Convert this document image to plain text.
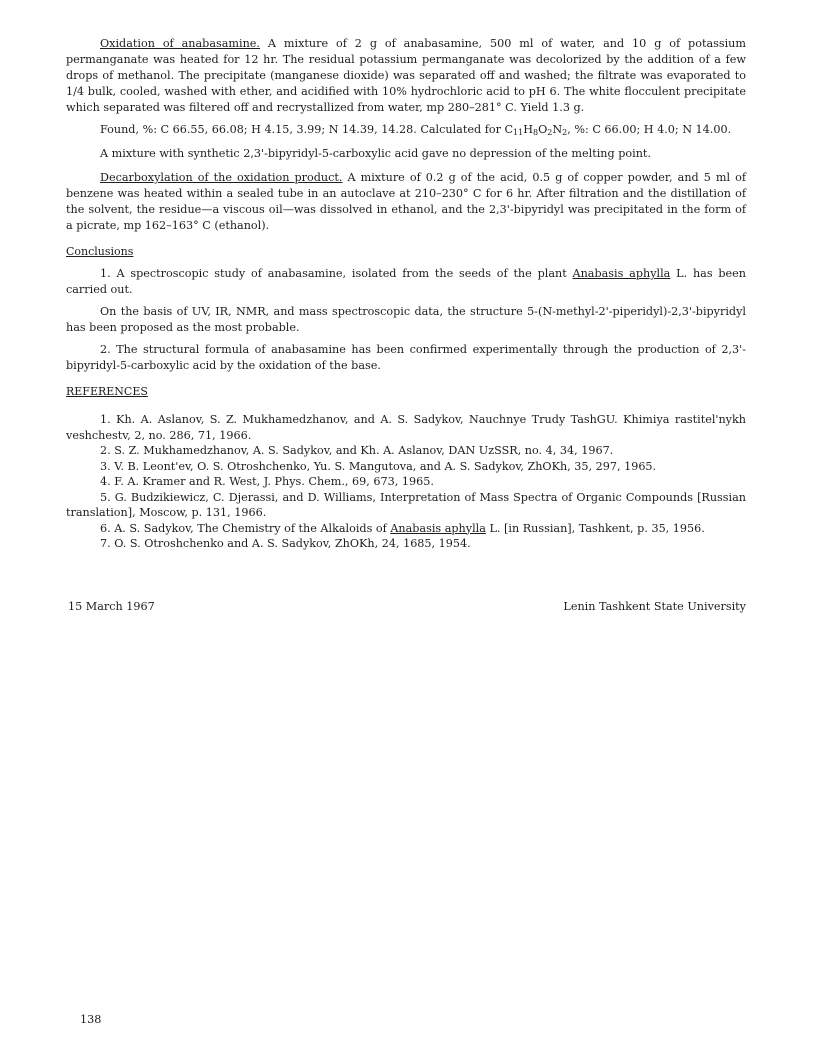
Oxidation of anabasamine. A mixture of 2 g of anabasamine, 500 ml of water, and 10 g of potassium permanganate was heated for 12 hr. The residual potassium permanganate was decolorized by the addition of a few drops of methanol. The precipitate (manganese dioxide) was separated off and washed; the filtrate was evaporated to 1/4 bulk, cooled, washed with ether, and acidified with 10% hydrochloric acid to pH 6. The white flocculent precipitate which separated was filtered off and recrystallized from water, mp 280–281° C. Yield 1.3 g.

Found, %: C 66.55, 66.08; H 4.15, 3.99; N 14.39, 14.28. Calculated for $C_{11}H_8O_2N_2$, %: C 66.00; H 4.0; N 14.00.

A mixture with synthetic 2,3'-bipyridyl-5-carboxylic acid gave no depression of the melting point.

Decarboxylation of the oxidation product. A mixture of 0.2 g of the acid, 0.5 g of copper powder, and 5 ml of benzene was heated within a sealed tube in an autoclave at 210–230° C for 6 hr. After filtration and the distillation of the solvent, the residue—a viscous oil—was dissolved in ethanol, and the 2,3'-bipyridyl was precipitated in the form of a picrate, mp 162–163° C (ethanol).

Conclusions

1. A spectroscopic study of anabasamine, isolated from the seeds of the plant Anabasis aphylla L. has been carried out.

On the basis of UV, IR, NMR, and mass spectroscopic data, the structure 5-(N-methyl-2'-piperidyl)-2,3'-bipyridyl has been proposed as the most probable.

2. The structural formula of anabasamine has been confirmed experimentally through the production of 2,3'-bipyridyl-5-carboxylic acid by the oxidation of the base.

REFERENCES

1. Kh. A. Aslanov, S. Z. Mukhamedzhanov, and A. S. Sadykov, Nauchnye Trudy TashGU. Khimiya rastitel'nykh veshchestv, 2, no. 286, 71, 1966.

2. S. Z. Mukhamedzhanov, A. S. Sadykov, and Kh. A. Aslanov, DAN UzSSR, no. 4, 34, 1967.

3. V. B. Leont'ev, O. S. Otroshchenko, Yu. S. Mangutova, and A. S. Sadykov, ZhOKh, 35, 297, 1965.

4. F. A. Kramer and R. West, J. Phys. Chem., 69, 673, 1965.

5. G. Budzikiewicz, C. Djerassi, and D. Williams, Interpretation of Mass Spectra of Organic Compounds [Russian translation], Moscow, p. 131, 1966.

6. A. S. Sadykov, The Chemistry of the Alkaloids of Anabasis aphylla L. [in Russian], Tashkent, p. 35, 1956.

7. O. S. Otroshchenko and A. S. Sadykov, ZhOKh, 24, 1685, 1954.

15 March 1967	Lenin Tashkent State University
138
